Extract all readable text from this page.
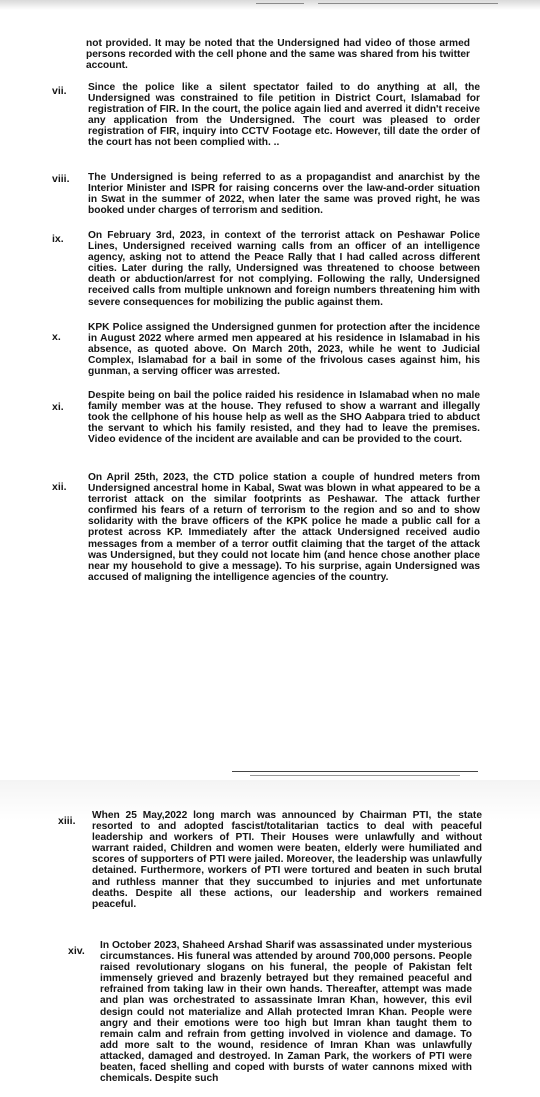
not provided. It may be noted that the Undersigned had video of those armed persons recorded with the cell phone and the same was shared from his twitter account.

vii. Since the police like a silent spectator failed to do anything at all, the Undersigned was constrained to file petition in District Court, Islamabad for registration of FIR. In the court, the police again lied and averred it didn't receive any application from the Undersigned. The court was pleased to order registration of FIR, inquiry into CCTV Footage etc. However, till date the order of the court has not been complied with. ..

viii. The Undersigned is being referred to as a propagandist and anarchist by the Interior Minister and ISPR for raising concerns over the law-and-order situation in Swat in the summer of 2022, when later the same was proved right, he was booked under charges of terrorism and sedition.

ix. On February 3rd, 2023, in context of the terrorist attack on Peshawar Police Lines, Undersigned received warning calls from an officer of an intelligence agency, asking not to attend the Peace Rally that I had called across different cities. Later during the rally, Undersigned was threatened to choose between death or abduction/arrest for not complying. Following the rally, Undersigned received calls from multiple unknown and foreign numbers threatening him with severe consequences for mobilizing the public against them.

x.

KPK Police assigned the Undersigned gunmen for protection after the incidence in August 2022 where armed men appeared at his residence in Islamabad in his absence, as quoted above. On March 20th, 2023, while he went to Judicial Complex, Islamabad for a bail in some of the frivolous cases against him, his gunman, a serving officer was arrested.

xi.

Despite being on bail the police raided his residence in Islamabad when no male family member was at the house. They refused to show a warrant and illegally took the cellphone of his house help as well as the SHO Aabpara tried to abduct the servant to which his family resisted, and they had to leave the premises. Video evidence of the incident are available and can be provided to the court.

xii.

On April 25th, 2023, the CTD police station a couple of hundred meters from Undersigned ancestral home in Kabal, Swat was blown in what appeared to be a terrorist attack on the similar footprints as Peshawar. The attack further confirmed his fears of a return of terrorism to the region and so and to show solidarity with the brave officers of the KPK police he made a public call for a protest across KP. Immediately after the attack Undersigned received audio messages from a member of a terror outfit claiming that the target of the attack was Undersigned, but they could not locate him (and hence chose another place near my household to give a message). To his surprise, again Undersigned was accused of maligning the intelligence agencies of the country.

xiii. When 25 May,2022 long march was announced by Chairman PTI, the state resorted to and adopted fascist/totalitarian tactics to deal with peaceful leadership and workers of PTI. Their Houses were unlawfully and without warrant raided, Children and women were beaten, elderly were humiliated and scores of supporters of PTI were jailed. Moreover, the leadership was unlawfully detained. Furthermore, workers of PTI were tortured and beaten in such brutal and ruthless manner that they succumbed to injuries and met unfortunate deaths. Despite all these actions, our leadership and workers remained peaceful.

xiv. In October 2023, Shaheed Arshad Sharif was assassinated under mysterious circumstances. His funeral was attended by around 700,000 persons. People raised revolutionary slogans on his funeral, the people of Pakistan felt immensely grieved and brazenly betrayed but they remained peaceful and refrained from taking law in their own hands. Thereafter, attempt was made and plan was orchestrated to assassinate Imran Khan, however, this evil design could not materialize and Allah protected Imran Khan. People were angry and their emotions were too high but Imran khan taught them to remain calm and refrain from getting involved in violence and damage. To add more salt to the wound, residence of Imran Khan was unlawfully attacked, damaged and destroyed. In Zaman Park, the workers of PTI were beaten, faced shelling and coped with bursts of water cannons mixed with chemicals. Despite such
